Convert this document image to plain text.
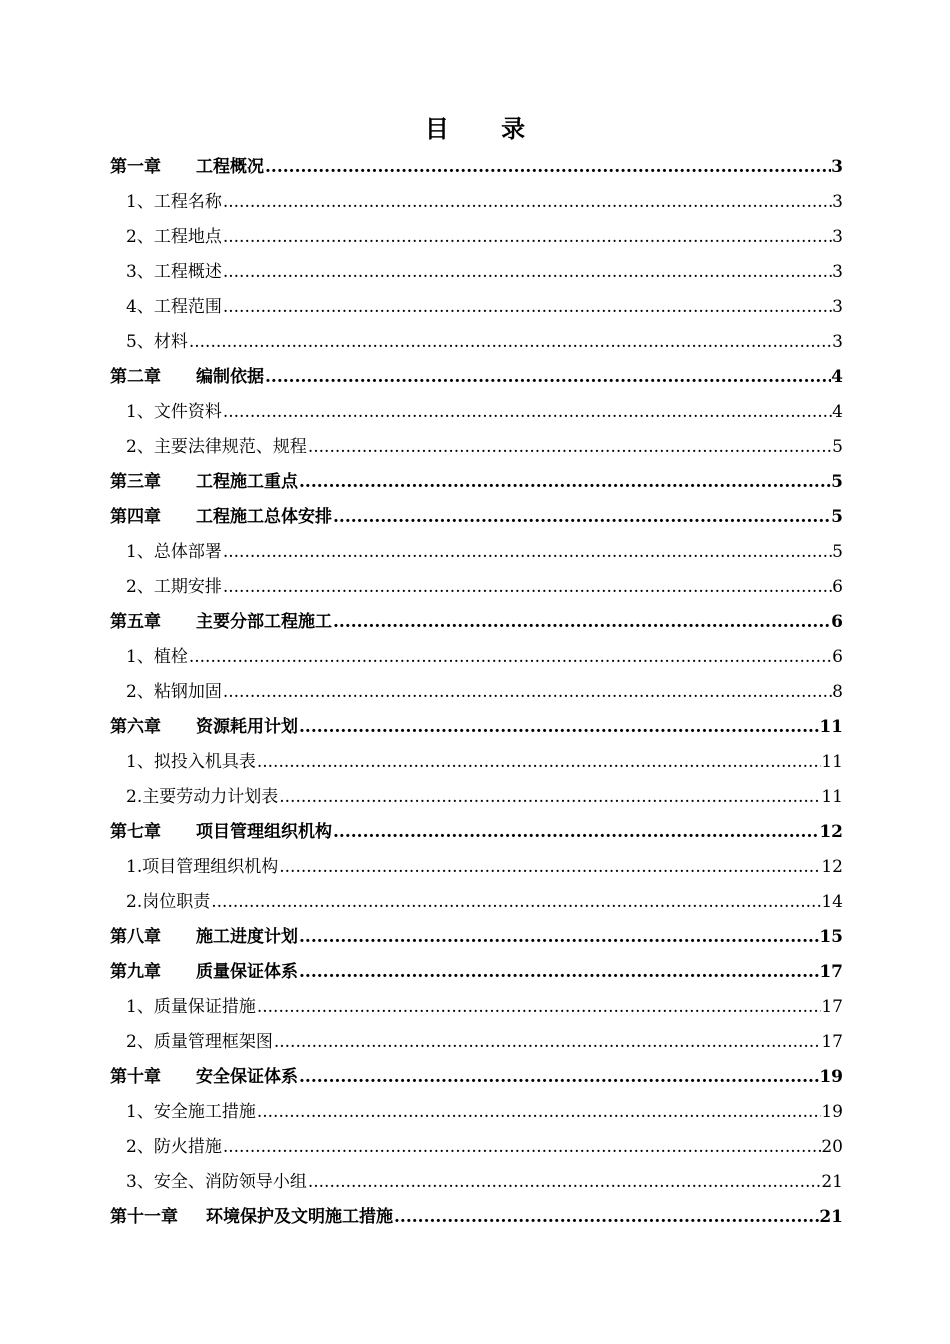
目 录
第一章	工程概况 .....	3
1、工程名称 .....	3
2、工程地点 .....	3
3、工程概述 .....	3
4、工程范围 .....	3
5、材料 .....	3
第二章	编制依据 .....	4
1、文件资料 .....	4
2、主要法律规范、规程 .....	5
第三章	工程施工重点 .....	5
第四章	工程施工总体安排 .....	5
1、总体部署 .....	5
2、工期安排 .....	6
第五章	主要分部工程施工 .....	6
1、植栓 .....	6
2、粘钢加固 .....	8
第六章	资源耗用计划 .....	11
1、拟投入机具表 .....	11
2.主要劳动力计划表 .....	11
第七章	项目管理组织机构 .....	12
1.项目管理组织机构 .....	12
2.岗位职责 .....	14
第八章	施工进度计划 .....	15
第九章	质量保证体系 .....	17
1、质量保证措施 .....	17
2、质量管理框架图 .....	17
第十章	安全保证体系 .....	19
1、安全施工措施 .....	19
2、防火措施 .....	20
3、安全、消防领导小组 .....	21
第十一章	环境保护及文明施工措施 .....	21
